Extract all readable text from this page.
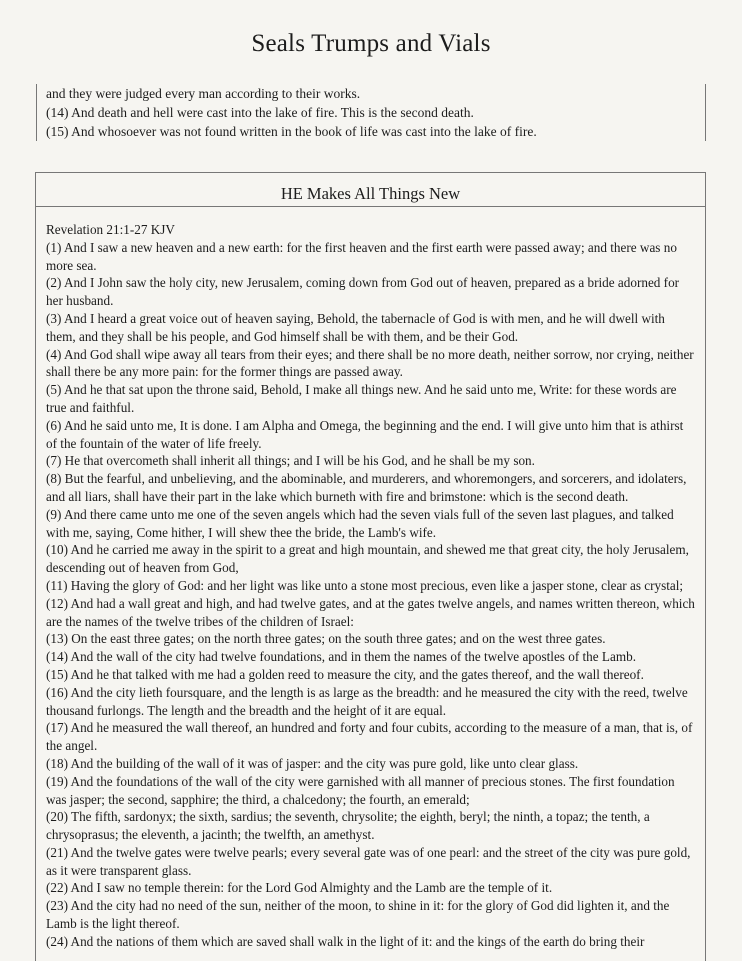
Seals Trumps and Vials
and they were judged every man according to their works.
(14) And death and hell were cast into the lake of fire. This is the second death.
(15) And whosoever was not found written in the book of life was cast into the lake of fire.
HE Makes All Things New

Revelation 21:1-27 KJV

(1) And I saw a new heaven and a new earth: for the first heaven and the first earth were passed away; and there was no more sea.

(2) And I John saw the holy city, new Jerusalem, coming down from God out of heaven, prepared as a bride adorned for her husband.

(3) And I heard a great voice out of heaven saying, Behold, the tabernacle of God is with men, and he will dwell with them, and they shall be his people, and God himself shall be with them, and be their God.

(4) And God shall wipe away all tears from their eyes; and there shall be no more death, neither sorrow, nor crying, neither shall there be any more pain: for the former things are passed away.

(5) And he that sat upon the throne said, Behold, I make all things new. And he said unto me, Write: for these words are true and faithful.

(6) And he said unto me, It is done. I am Alpha and Omega, the beginning and the end. I will give unto him that is athirst of the fountain of the water of life freely.

(7) He that overcometh shall inherit all things; and I will be his God, and he shall be my son.

(8) But the fearful, and unbelieving, and the abominable, and murderers, and whoremongers, and sorcerers, and idolaters, and all liars, shall have their part in the lake which burneth with fire and brimstone: which is the second death.

(9) And there came unto me one of the seven angels which had the seven vials full of the seven last plagues, and talked with me, saying, Come hither, I will shew thee the bride, the Lamb's wife.

(10) And he carried me away in the spirit to a great and high mountain, and shewed me that great city, the holy Jerusalem, descending out of heaven from God,

(11) Having the glory of God: and her light was like unto a stone most precious, even like a jasper stone, clear as crystal;

(12) And had a wall great and high, and had twelve gates, and at the gates twelve angels, and names written thereon, which are the names of the twelve tribes of the children of Israel:

(13) On the east three gates; on the north three gates; on the south three gates; and on the west three gates.

(14) And the wall of the city had twelve foundations, and in them the names of the twelve apostles of the Lamb.

(15) And he that talked with me had a golden reed to measure the city, and the gates thereof, and the wall thereof.

(16) And the city lieth foursquare, and the length is as large as the breadth: and he measured the city with the reed, twelve thousand furlongs. The length and the breadth and the height of it are equal.

(17) And he measured the wall thereof, an hundred and forty and four cubits, according to the measure of a man, that is, of the angel.

(18) And the building of the wall of it was of jasper: and the city was pure gold, like unto clear glass.

(19) And the foundations of the wall of the city were garnished with all manner of precious stones. The first foundation was jasper; the second, sapphire; the third, a chalcedony; the fourth, an emerald;

(20) The fifth, sardonyx; the sixth, sardius; the seventh, chrysolite; the eighth, beryl; the ninth, a topaz; the tenth, a chrysoprasus; the eleventh, a jacinth; the twelfth, an amethyst.

(21) And the twelve gates were twelve pearls; every several gate was of one pearl: and the street of the city was pure gold, as it were transparent glass.

(22) And I saw no temple therein: for the Lord God Almighty and the Lamb are the temple of it.

(23) And the city had no need of the sun, neither of the moon, to shine in it: for the glory of God did lighten it, and the Lamb is the light thereof.

(24) And the nations of them which are saved shall walk in the light of it: and the kings of the earth do bring their
